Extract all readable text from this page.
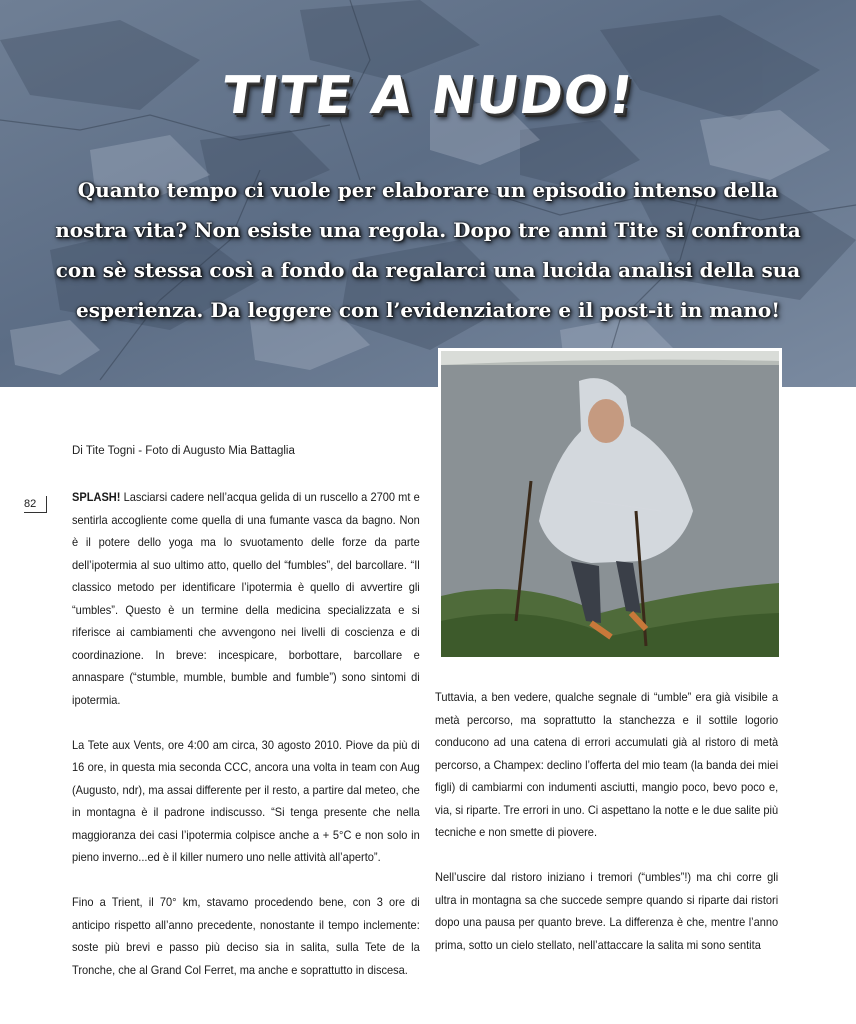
TITE A NUDO!
Quanto tempo ci vuole per elaborare un episodio intenso della nostra vita? Non esiste una regola. Dopo tre anni Tite si confronta con sè stessa così a fondo da regalarci una lucida analisi della sua esperienza. Da leggere con l’evidenziatore e il post-it in mano!
Di Tite Togni - Foto di Augusto Mia Battaglia
82	SPLASH! Lasciarsi cadere nell’acqua gelida di un ruscello a 2700 mt e sentirla accogliente come quella di una fumante vasca da bagno. Non è il potere dello yoga ma lo svuotamento delle forze da parte dell’ipotermia al suo ultimo atto, quello del “fumbles”, del barcollare. “Il classico metodo per identificare l’ipotermia è quello di avvertire gli “umbles”. Questo è un termine della medicina specializzata e si riferisce ai cambiamenti che avvengono nei livelli di coscienza e di coordinazione. In breve: incespicare, borbottare, barcollare e annaspare (“stumble, mumble, bumble and fumble”) sono sintomi di ipotermia.

La Tete aux Vents, ore 4:00 am circa, 30 agosto 2010. Piove da più di 16 ore, in questa mia seconda CCC, ancora una volta in team con Aug (Augusto, ndr), ma assai differente per il resto, a partire dal meteo, che in montagna è il padrone indiscusso. “Si tenga presente che nella maggioranza dei casi l’ipotermia colpisce anche a + 5°C e non solo in pieno inverno...ed è il killer numero uno nelle attività all’aperto”.

Fino a Trient, il 70° km, stavamo procedendo bene, con 3 ore di anticipo rispetto all’anno precedente, nonostante il tempo inclemente: soste più brevi e passo più deciso sia in salita, sulla Tete de la Tronche, che al Grand Col Ferret, ma anche e soprattutto in discesa.

Tuttavia, a ben vedere, qualche segnale di “umble” era già visibile a metà percorso, ma soprattutto la stanchezza e il sottile logorio conducono ad una catena di errori accumulati già al ristoro di metà percorso, a Champex: declino l’offerta del mio team (la banda dei miei figli) di cambiarmi con indumenti asciutti, mangio poco, bevo poco e, via, si riparte. Tre errori in uno. Ci aspettano la notte e le due salite più tecniche e non smette di piovere.

Nell’uscire dal ristoro iniziano i tremori (“umbles”!) ma chi corre gli ultra in montagna sa che succede sempre quando si riparte dai ristori dopo una pausa per quanto breve. La differenza è che, mentre l’anno prima, sotto un cielo stellato, nell’attaccare la salita mi sono sentita
